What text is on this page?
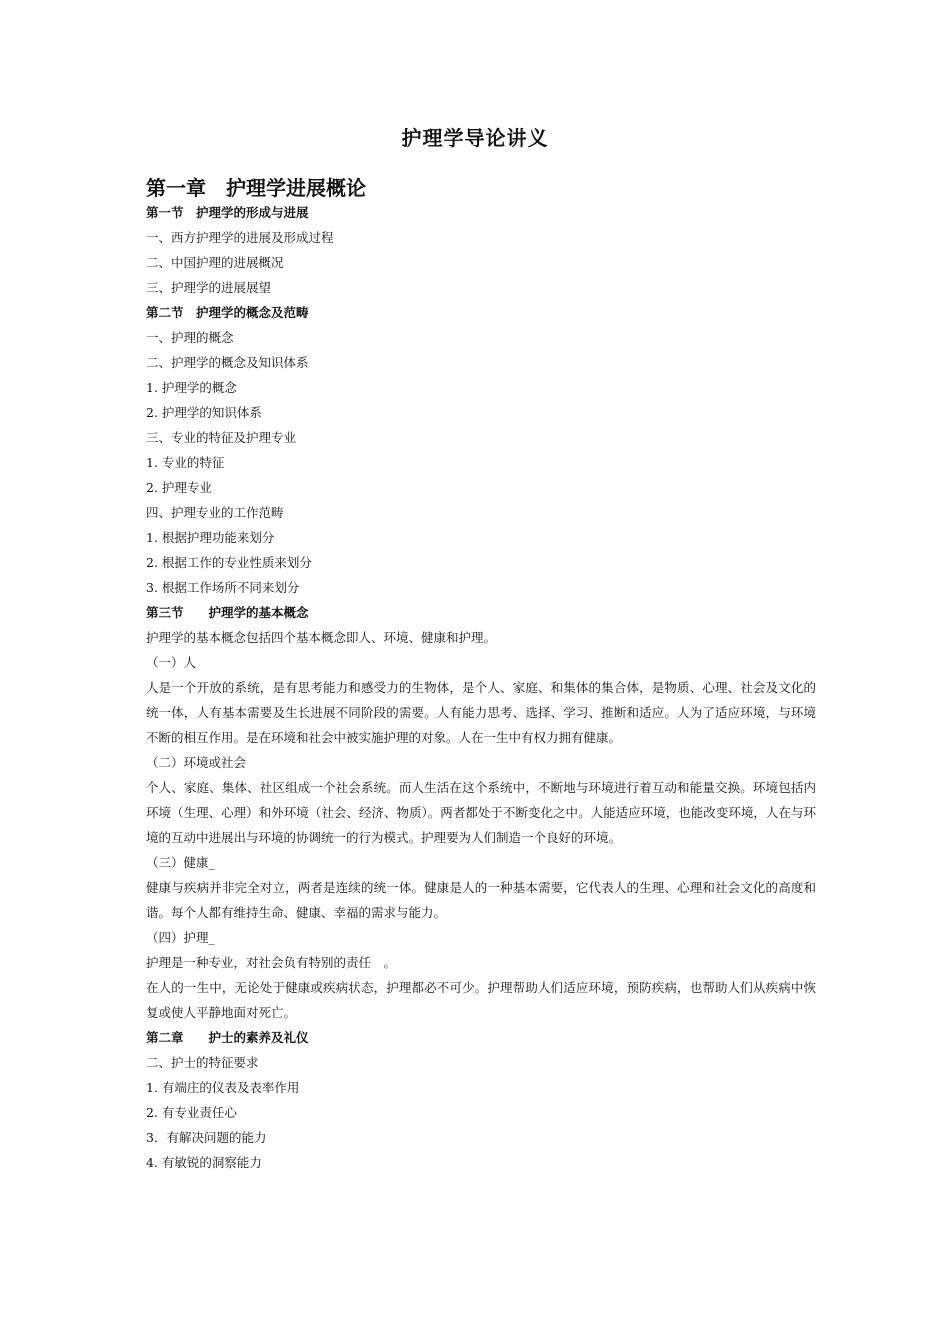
护理学导论讲义
第一章　护理学进展概论
第一节　护理学的形成与进展
一、西方护理学的进展及形成过程
二、中国护理的进展概况
三、护理学的进展展望
第二节　护理学的概念及范畴
一、护理的概念
二、护理学的概念及知识体系
1. 护理学的概念
2. 护理学的知识体系
三、专业的特征及护理专业
1. 专业的特征
2. 护理专业
四、护理专业的工作范畴
1. 根据护理功能来划分
2. 根据工作的专业性质来划分
3. 根据工作场所不同来划分
第三节　　护理学的基本概念
护理学的基本概念包括四个基本概念即人、环境、健康和护理。
（一）人
人是一个开放的系统，是有思考能力和感受力的生物体，是个人、家庭、和集体的集合体，是物质、心理、社会及文化的统一体，人有基本需要及生长进展不同阶段的需要。人有能力思考、选择、学习、推断和适应。人为了适应环境，与环境不断的相互作用。是在环境和社会中被实施护理的对象。人在一生中有权力拥有健康。
（二）环境或社会
个人、家庭、集体、社区组成一个社会系统。而人生活在这个系统中，不断地与环境进行着互动和能量交换。环境包括内环境（生理、心理）和外环境（社会、经济、物质）。两者都处于不断变化之中。人能适应环境，也能改变环境，人在与环境的互动中进展出与环境的协调统一的行为模式。护理要为人们制造一个良好的环境。
（三）健康_
健康与疾病并非完全对立，两者是连续的统一体。健康是人的一种基本需要，它代表人的生理、心理和社会文化的高度和谐。每个人都有维持生命、健康、幸福的需求与能力。
（四）护理_
护理是一种专业，对社会负有特别的责任　。
在人的一生中，无论处于健康或疾病状态，护理都必不可少。护理帮助人们适应环境，预防疾病，也帮助人们从疾病中恢复或使人平静地面对死亡。
第二章　　护士的素养及礼仪
二、护士的特征要求
1. 有端庄的仪表及表率作用
2. 有专业责任心
3．有解决问题的能力
4. 有敏锐的洞察能力
